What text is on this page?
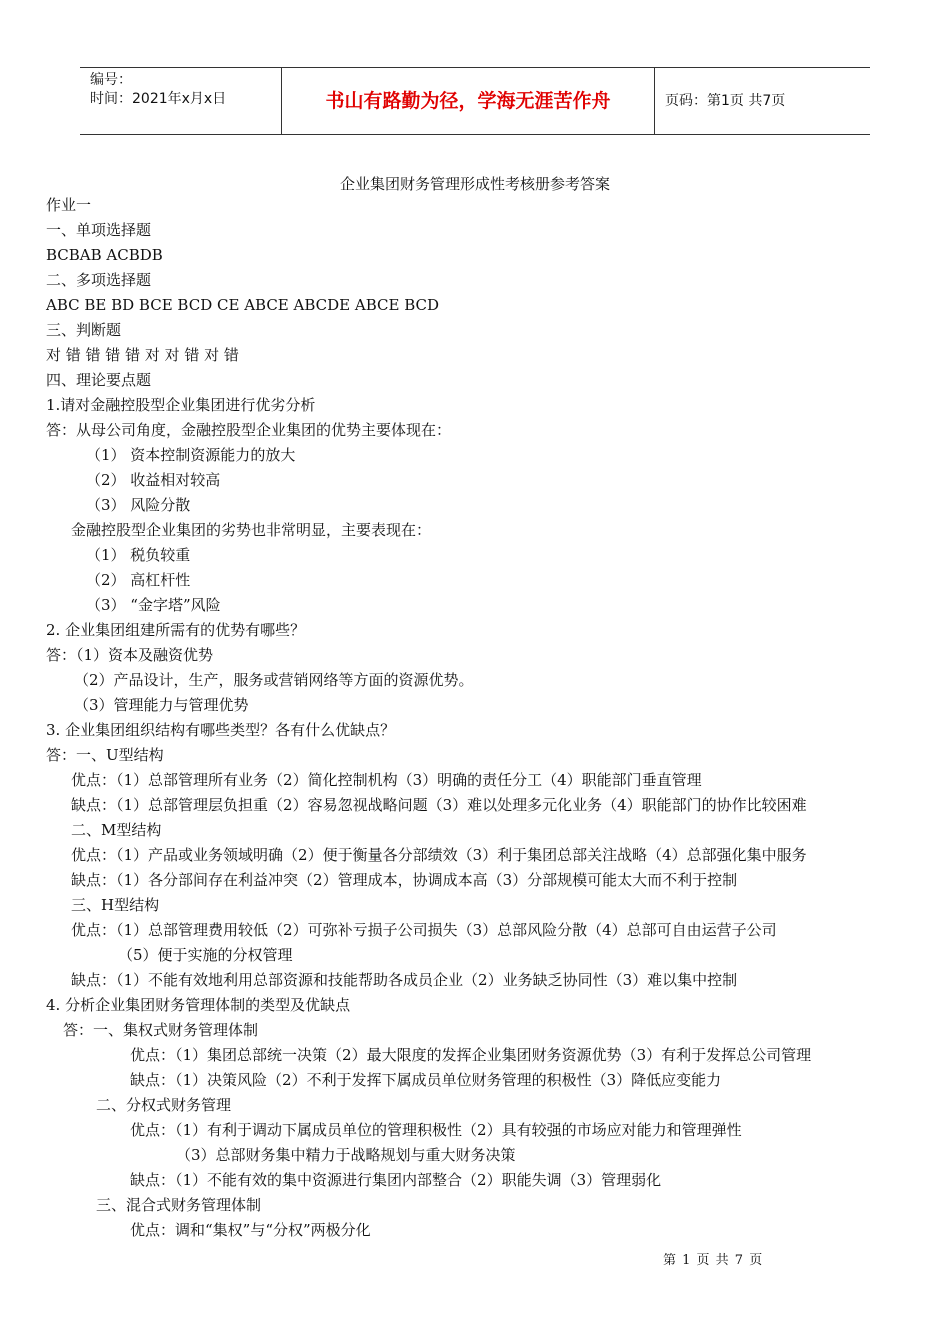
编号：
时间：2021年x月x日	书山有路勤为径，学海无涯苦作舟	页码：第1页 共7页
企业集团财务管理形成性考核册参考答案
作业一
一、单项选择题
BCBAB ACBDB
二、多项选择题
ABC BE BD BCE BCD CE ABCE ABCDE ABCE BCD
三、判断题
对 错 错 错 错 对 对 错 对 错
四、理论要点题
1.请对金融控股型企业集团进行优劣分析
答：从母公司角度，金融控股型企业集团的优势主要体现在：
（1） 资本控制资源能力的放大
（2） 收益相对较高
（3） 风险分散
金融控股型企业集团的劣势也非常明显，主要表现在：
（1） 税负较重
（2） 高杠杆性
（3） “金字塔”风险
2. 企业集团组建所需有的优势有哪些？
答：（1）资本及融资优势
（2）产品设计，生产，服务或营销网络等方面的资源优势。
（3）管理能力与管理优势
3. 企业集团组织结构有哪些类型？各有什么优缺点？
答：一、U型结构
优点：（1）总部管理所有业务（2）简化控制机构（3）明确的责任分工（4）职能部门垂直管理
缺点：（1）总部管理层负担重（2）容易忽视战略问题（3）难以处理多元化业务（4）职能部门的协作比较困难
二、M型结构
优点：（1）产品或业务领域明确（2）便于衡量各分部绩效（3）利于集团总部关注战略（4）总部强化集中服务
缺点：（1）各分部间存在利益冲突（2）管理成本，协调成本高（3）分部规模可能太大而不利于控制
三、H型结构
优点：（1）总部管理费用较低（2）可弥补亏损子公司损失（3）总部风险分散（4）总部可自由运营子公司
（5）便于实施的分权管理
缺点：（1）不能有效地利用总部资源和技能帮助各成员企业（2）业务缺乏协同性（3）难以集中控制
4. 分析企业集团财务管理体制的类型及优缺点
答：一、集权式财务管理体制
优点：（1）集团总部统一决策（2）最大限度的发挥企业集团财务资源优势（3）有利于发挥总公司管理
缺点：（1）决策风险（2）不利于发挥下属成员单位财务管理的积极性（3）降低应变能力
二、分权式财务管理
优点：（1）有利于调动下属成员单位的管理积极性（2）具有较强的市场应对能力和管理弹性
（3）总部财务集中精力于战略规划与重大财务决策
缺点：（1）不能有效的集中资源进行集团内部整合（2）职能失调（3）管理弱化
三、混合式财务管理体制
优点：调和“集权”与“分权”两极分化
第 1 页 共 7 页
